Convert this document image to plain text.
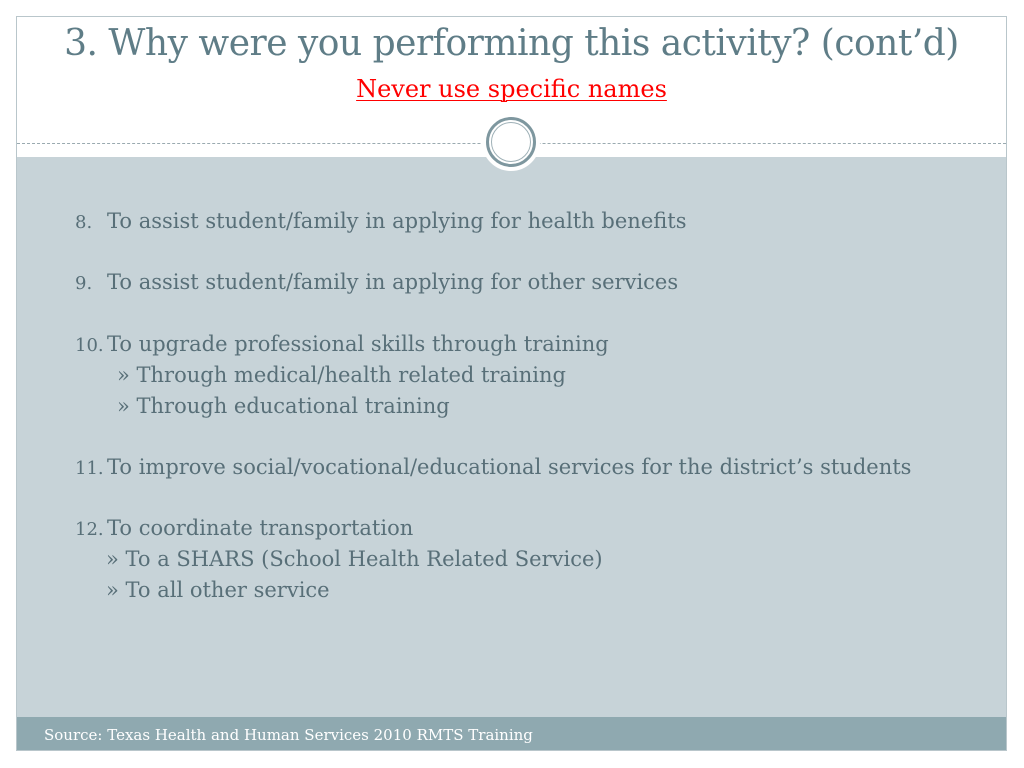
3. Why were you performing this activity? (cont’d)
Never use specific names
8. To assist student/family in applying for health benefits
9. To assist student/family in applying for other services
10. To upgrade professional skills through training
» Through medical/health related training
» Through educational training
11. To improve social/vocational/educational services for the district’s students
12. To coordinate transportation
» To a SHARS (School Health Related Service)
» To all other service
Source: Texas Health and Human Services 2010 RMTS Training
